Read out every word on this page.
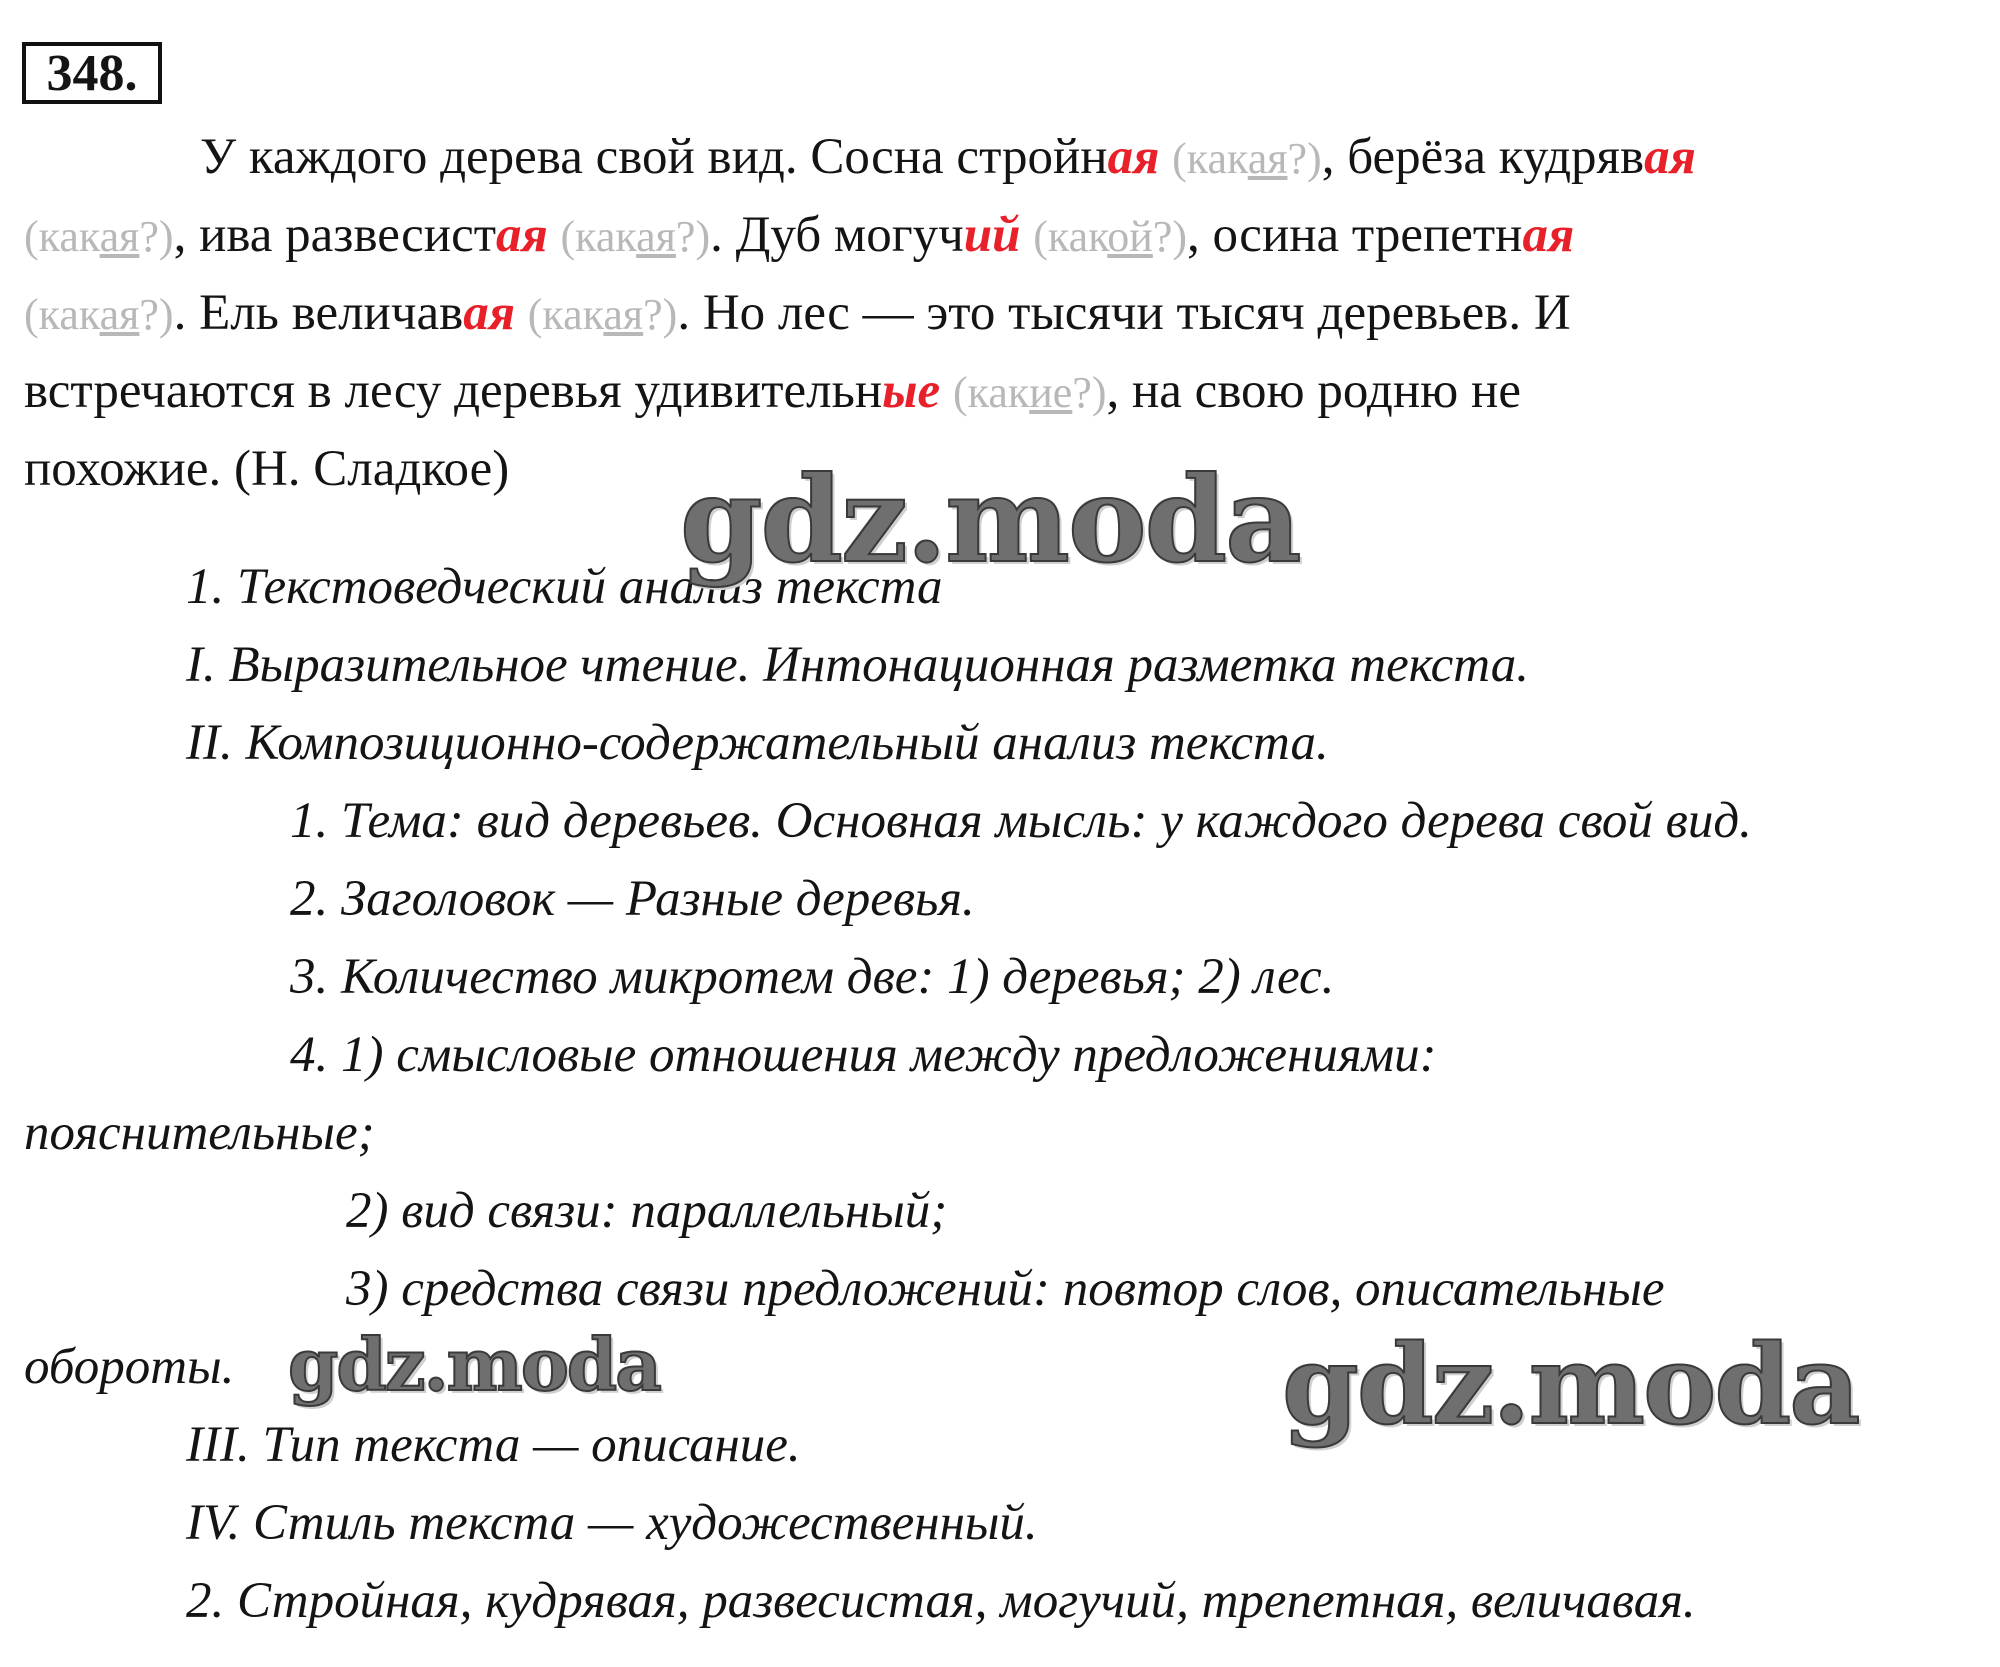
348.
У каждого дерева свой вид. Сосна стройная (какая?), берёза кудрявая
(какая?), ива развесистая (какая?). Дуб могучий (какой?), осина трепетная
(какая?). Ель величавая (какая?). Но лес — это тысячи тысяч деревьев. И
встречаются в лесу деревья удивительные (какие?), на свою родню не
похожие. (Н. Сладкое)
1. Текстоведческий анализ текста
I. Выразительное чтение. Интонационная разметка текста.
II. Композиционно-содержательный анализ текста.
1. Тема: вид деревьев. Основная мысль: у каждого дерева свой вид.
2. Заголовок — Разные деревья.
3. Количество микротем две: 1) деревья; 2) лес.
4. 1) смысловые отношения между предложениями:
пояснительные;
2) вид связи: параллельный;
3) средства связи предложений: повтор слов, описательные
обороты.
III. Тип текста — описание.
IV. Стиль текста — художественный.
2. Стройная, кудрявая, развесистая, могучий, трепетная, величавая.
gdz.moda
gdz.moda	gdz.moda
